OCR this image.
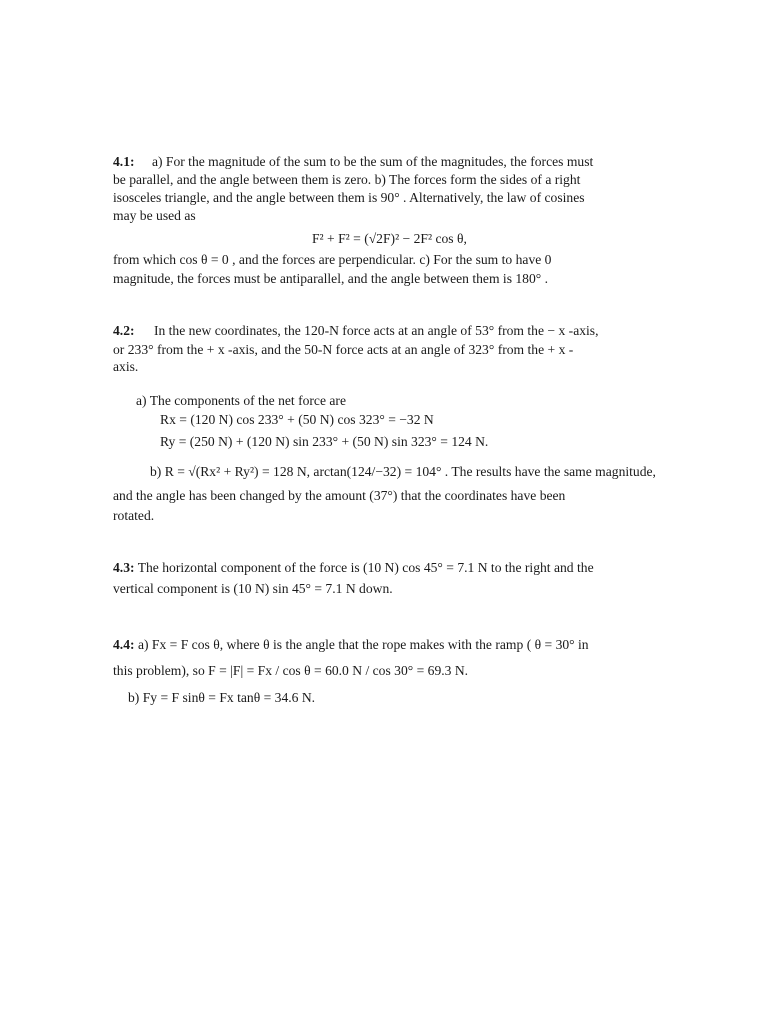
4.1: a) For the magnitude of the sum to be the sum of the magnitudes, the forces must
be parallel, and the angle between them is zero. b) The forces form the sides of a right
isosceles triangle, and the angle between them is 90° . Alternatively, the law of cosines
may be used as
F² + F² = (√2F)² − 2F² cos θ,
from which cos θ = 0 , and the forces are perpendicular. c) For the sum to have 0
magnitude, the forces must be antiparallel, and the angle between them is 180° .
4.2: In the new coordinates, the 120-N force acts at an angle of 53° from the − x -axis,
or 233° from the + x -axis, and the 50-N force acts at an angle of 323° from the + x -
axis.
a) The components of the net force are
Rx = (120 N) cos 233° + (50 N) cos 323° = −32 N
Ry = (250 N) + (120 N) sin 233° + (50 N) sin 323° = 124 N.
b) R = √(Rx² + Ry²) = 128 N, arctan(124/−32) = 104° . The results have the same magnitude,
and the angle has been changed by the amount (37°) that the coordinates have been
rotated.
4.3: The horizontal component of the force is (10 N) cos 45° = 7.1 N to the right and the
vertical component is (10 N) sin 45° = 7.1 N down.
4.4: a) Fx = F cos θ, where θ is the angle that the rope makes with the ramp ( θ = 30° in
this problem), so F = |F| = Fx / cos θ = 60.0 N / cos 30° = 69.3 N.
b) Fy = F sinθ = Fx tanθ = 34.6 N.
